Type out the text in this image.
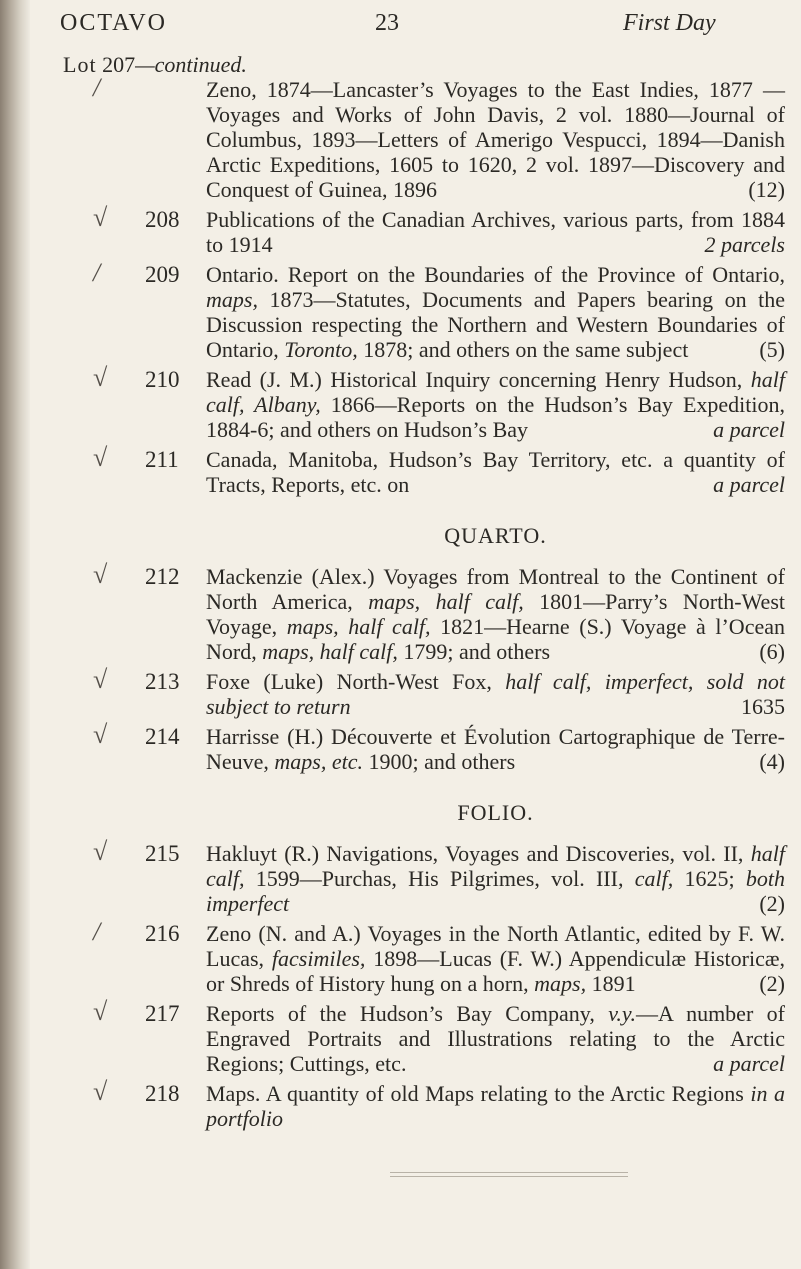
OCTAVO	23	First Day
Lot 207—continued.
/	Zeno, 1874—Lancaster’s Voyages to the East Indies, 1877 —Voyages and Works of John Davis, 2 vol. 1880—Journal of Columbus, 1893—Letters of Amerigo Vespucci, 1894—Danish Arctic Expeditions, 1605 to 1620, 2 vol. 1897—Discovery and Conquest of Guinea, 1896	(12)
√ 208 Publications of the Canadian Archives, various parts, from 1884 to 1914	2 parcels
/ 209 Ontario. Report on the Boundaries of the Province of Ontario, maps, 1873—Statutes, Documents and Papers bearing on the Discussion respecting the Northern and Western Boundaries of Ontario, Toronto, 1878; and others on the same subject	(5)
√ 210 Read (J. M.) Historical Inquiry concerning Henry Hudson, half calf, Albany, 1866—Reports on the Hudson’s Bay Expedition, 1884-6; and others on Hudson’s Bay	a parcel
√ 211 Canada, Manitoba, Hudson’s Bay Territory, etc. a quantity of Tracts, Reports, etc. on	a parcel
QUARTO.
√ 212 Mackenzie (Alex.) Voyages from Montreal to the Continent of North America, maps, half calf, 1801—Parry’s North-West Voyage, maps, half calf, 1821—Hearne (S.) Voyage à l’Ocean Nord, maps, half calf, 1799; and others	(6)
√ 213 Foxe (Luke) North-West Fox, half calf, imperfect, sold not subject to return	1635
√ 214 Harrisse (H.) Découverte et Évolution Cartographique de Terre-Neuve, maps, etc. 1900; and others	(4)
FOLIO.
√ 215 Hakluyt (R.) Navigations, Voyages and Discoveries, vol. II, half calf, 1599—Purchas, His Pilgrimes, vol. III, calf, 1625; both imperfect	(2)
/ 216 Zeno (N. and A.) Voyages in the North Atlantic, edited by F. W. Lucas, facsimiles, 1898—Lucas (F. W.) Appendiculæ Historicæ, or Shreds of History hung on a horn, maps, 1891	(2)
√ 217 Reports of the Hudson’s Bay Company, v.y.—A number of Engraved Portraits and Illustrations relating to the Arctic Regions; Cuttings, etc.	a parcel
√ 218 Maps. A quantity of old Maps relating to the Arctic Regions in a portfolio
